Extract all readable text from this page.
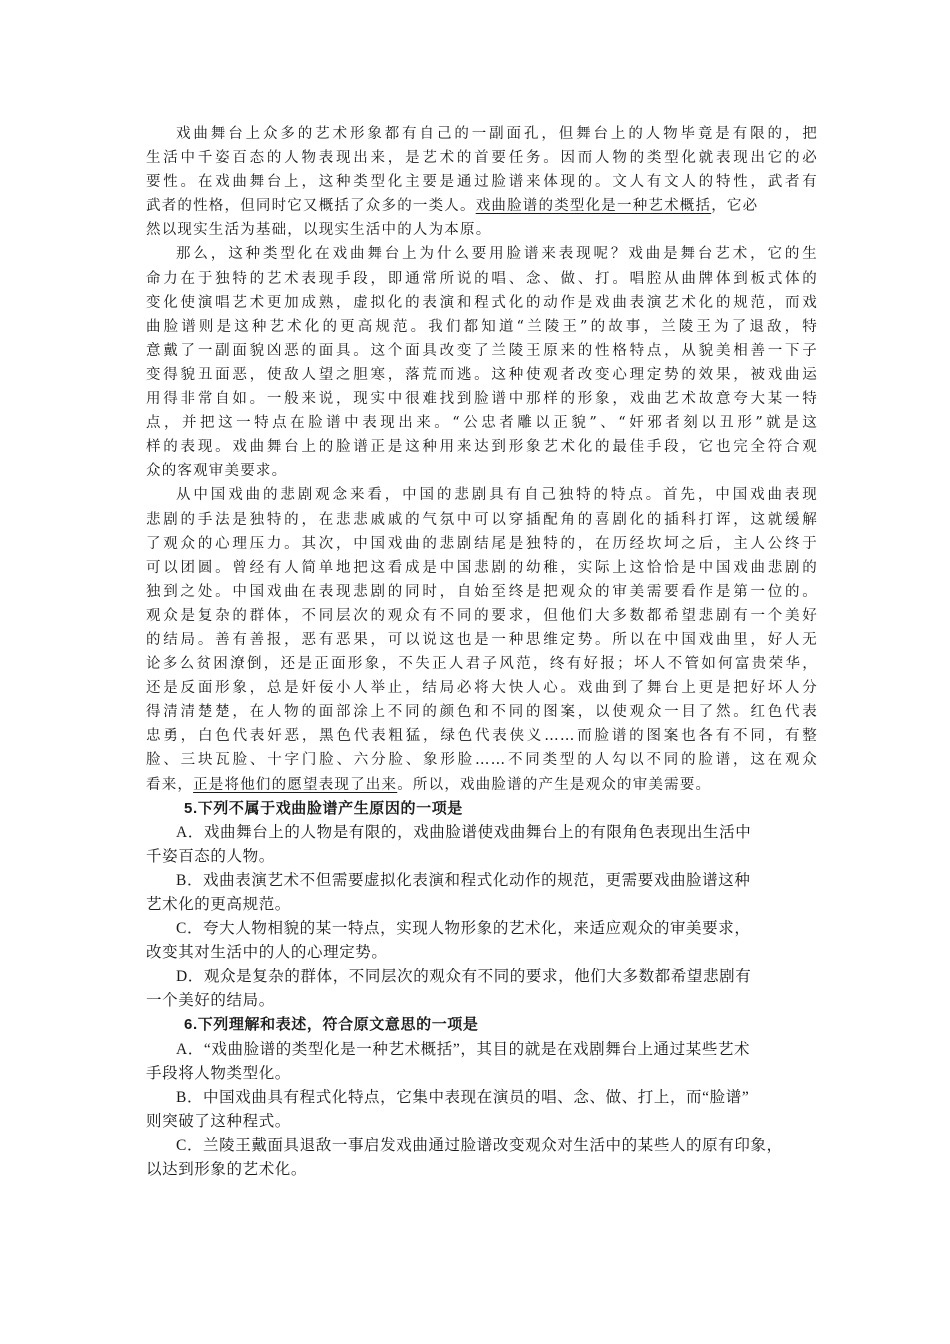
戏曲舞台上众多的艺术形象都有自己的一副面孔，但舞台上的人物毕竟是有限的，把
生活中千姿百态的人物表现出来，是艺术的首要任务。因而人物的类型化就表现出它的必
要性。在戏曲舞台上，这种类型化主要是通过脸谱来体现的。文人有文人的特性，武者有
武者的性格，但同时它又概括了众多的一类人。戏曲脸谱的类型化是一种艺术概括，它必
然以现实生活为基础，以现实生活中的人为本原。
那么，这种类型化在戏曲舞台上为什么要用脸谱来表现呢？戏曲是舞台艺术，它的生
命力在于独特的艺术表现手段，即通常所说的唱、念、做、打。唱腔从曲牌体到板式体的
变化使演唱艺术更加成熟，虚拟化的表演和程式化的动作是戏曲表演艺术化的规范，而戏
曲脸谱则是这种艺术化的更高规范。我们都知道“兰陵王”的故事，兰陵王为了退敌，特
意戴了一副面貌凶恶的面具。这个面具改变了兰陵王原来的性格特点，从貌美相善一下子
变得貌丑面恶，使敌人望之胆寒，落荒而逃。这种使观者改变心理定势的效果，被戏曲运
用得非常自如。一般来说，现实中很难找到脸谱中那样的形象，戏曲艺术故意夸大某一特
点，并把这一特点在脸谱中表现出来。“公忠者雕以正貌”、“奸邪者刻以丑形”就是这
样的表现。戏曲舞台上的脸谱正是这种用来达到形象艺术化的最佳手段，它也完全符合观
众的客观审美要求。
从中国戏曲的悲剧观念来看，中国的悲剧具有自己独特的特点。首先，中国戏曲表现
悲剧的手法是独特的，在悲悲戚戚的气氛中可以穿插配角的喜剧化的插科打诨，这就缓解
了观众的心理压力。其次，中国戏曲的悲剧结尾是独特的，在历经坎坷之后，主人公终于
可以团圆。曾经有人简单地把这看成是中国悲剧的幼稚，实际上这恰恰是中国戏曲悲剧的
独到之处。中国戏曲在表现悲剧的同时，自始至终是把观众的审美需要看作是第一位的。
观众是复杂的群体，不同层次的观众有不同的要求，但他们大多数都希望悲剧有一个美好
的结局。善有善报，恶有恶果，可以说这也是一种思维定势。所以在中国戏曲里，好人无
论多么贫困潦倒，还是正面形象，不失正人君子风范，终有好报；坏人不管如何富贵荣华，
还是反面形象，总是奸佞小人举止，结局必将大快人心。戏曲到了舞台上更是把好坏人分
得清清楚楚，在人物的面部涂上不同的颜色和不同的图案，以使观众一目了然。红色代表
忠勇，白色代表奸恶，黑色代表粗猛，绿色代表侠义……而脸谱的图案也各有不同，有整
脸、三块瓦脸、十字门脸、六分脸、象形脸……不同类型的人勾以不同的脸谱，这在观众
看来，正是将他们的愿望表现了出来。所以，戏曲脸谱的产生是观众的审美需要。
5.下列不属于戏曲脸谱产生原因的一项是
A．戏曲舞台上的人物是有限的，戏曲脸谱使戏曲舞台上的有限角色表现出生活中
千姿百态的人物。
B．戏曲表演艺术不但需要虚拟化表演和程式化动作的规范，更需要戏曲脸谱这种
艺术化的更高规范。
C．夸大人物相貌的某一特点，实现人物形象的艺术化，来适应观众的审美要求，
改变其对生活中的人的心理定势。
D．观众是复杂的群体，不同层次的观众有不同的要求，他们大多数都希望悲剧有
一个美好的结局。
6.下列理解和表述，符合原文意思的一项是
A．“戏曲脸谱的类型化是一种艺术概括”，其目的就是在戏剧舞台上通过某些艺术
手段将人物类型化。
B．中国戏曲具有程式化特点，它集中表现在演员的唱、念、做、打上，而“脸谱”
则突破了这种程式。
C．兰陵王戴面具退敌一事启发戏曲通过脸谱改变观众对生活中的某些人的原有印象，
以达到形象的艺术化。
